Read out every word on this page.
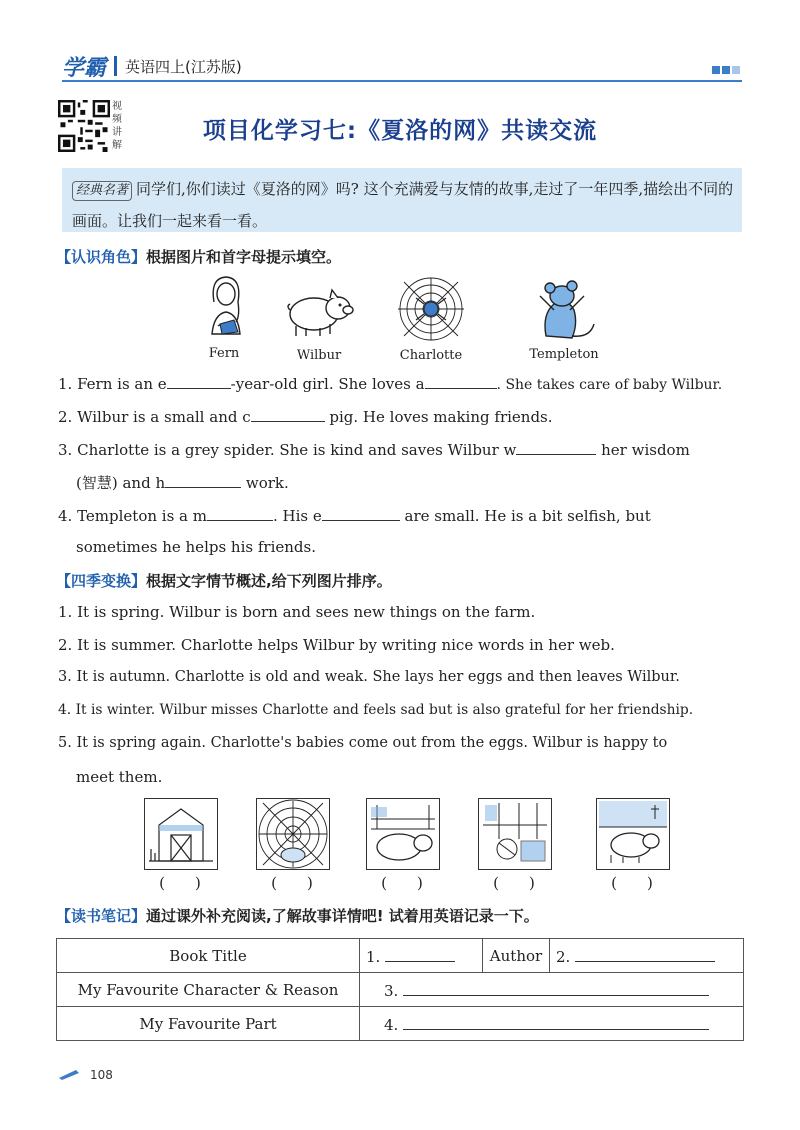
学霸 英语四上(江苏版)
视频讲解
项目化学习七:《夏洛的网》共读交流
经典名著 同学们,你们读过《夏洛的网》吗? 这个充满爱与友情的故事,走过了一年四季,描绘出不同的画面。让我们一起来看一看。
【认识角色】根据图片和首字母提示填空。
Fern	Wilbur	Charlotte	Templeton
1. Fern is an e	-year-old girl. She loves a	. She takes care of baby Wilbur.
2. Wilbur is a small and c	pig. He loves making friends.
3. Charlotte is a grey spider. She is kind and saves Wilbur w	her wisdom
(智慧) and h	work.
4. Templeton is a m	. His e	are small. He is a bit selfish, but
sometimes he helps his friends.
【四季变换】根据文字情节概述,给下列图片排序。
1. It is spring. Wilbur is born and sees new things on the farm.
2. It is summer. Charlotte helps Wilbur by writing nice words in her web.
3. It is autumn. Charlotte is old and weak. She lays her eggs and then leaves Wilbur.
4. It is winter. Wilbur misses Charlotte and feels sad but is also grateful for her friendship.
5. It is spring again. Charlotte's babies come out from the eggs. Wilbur is happy to
meet them.
(　　)	(　　)	(　　)	(　　)	(　　)
【读书笔记】通过课外补充阅读,了解故事详情吧! 试着用英语记录一下。
Book Title	1.	Author	2.
My Favourite Character & Reason	3.		
My Favourite Part	4.		
108
